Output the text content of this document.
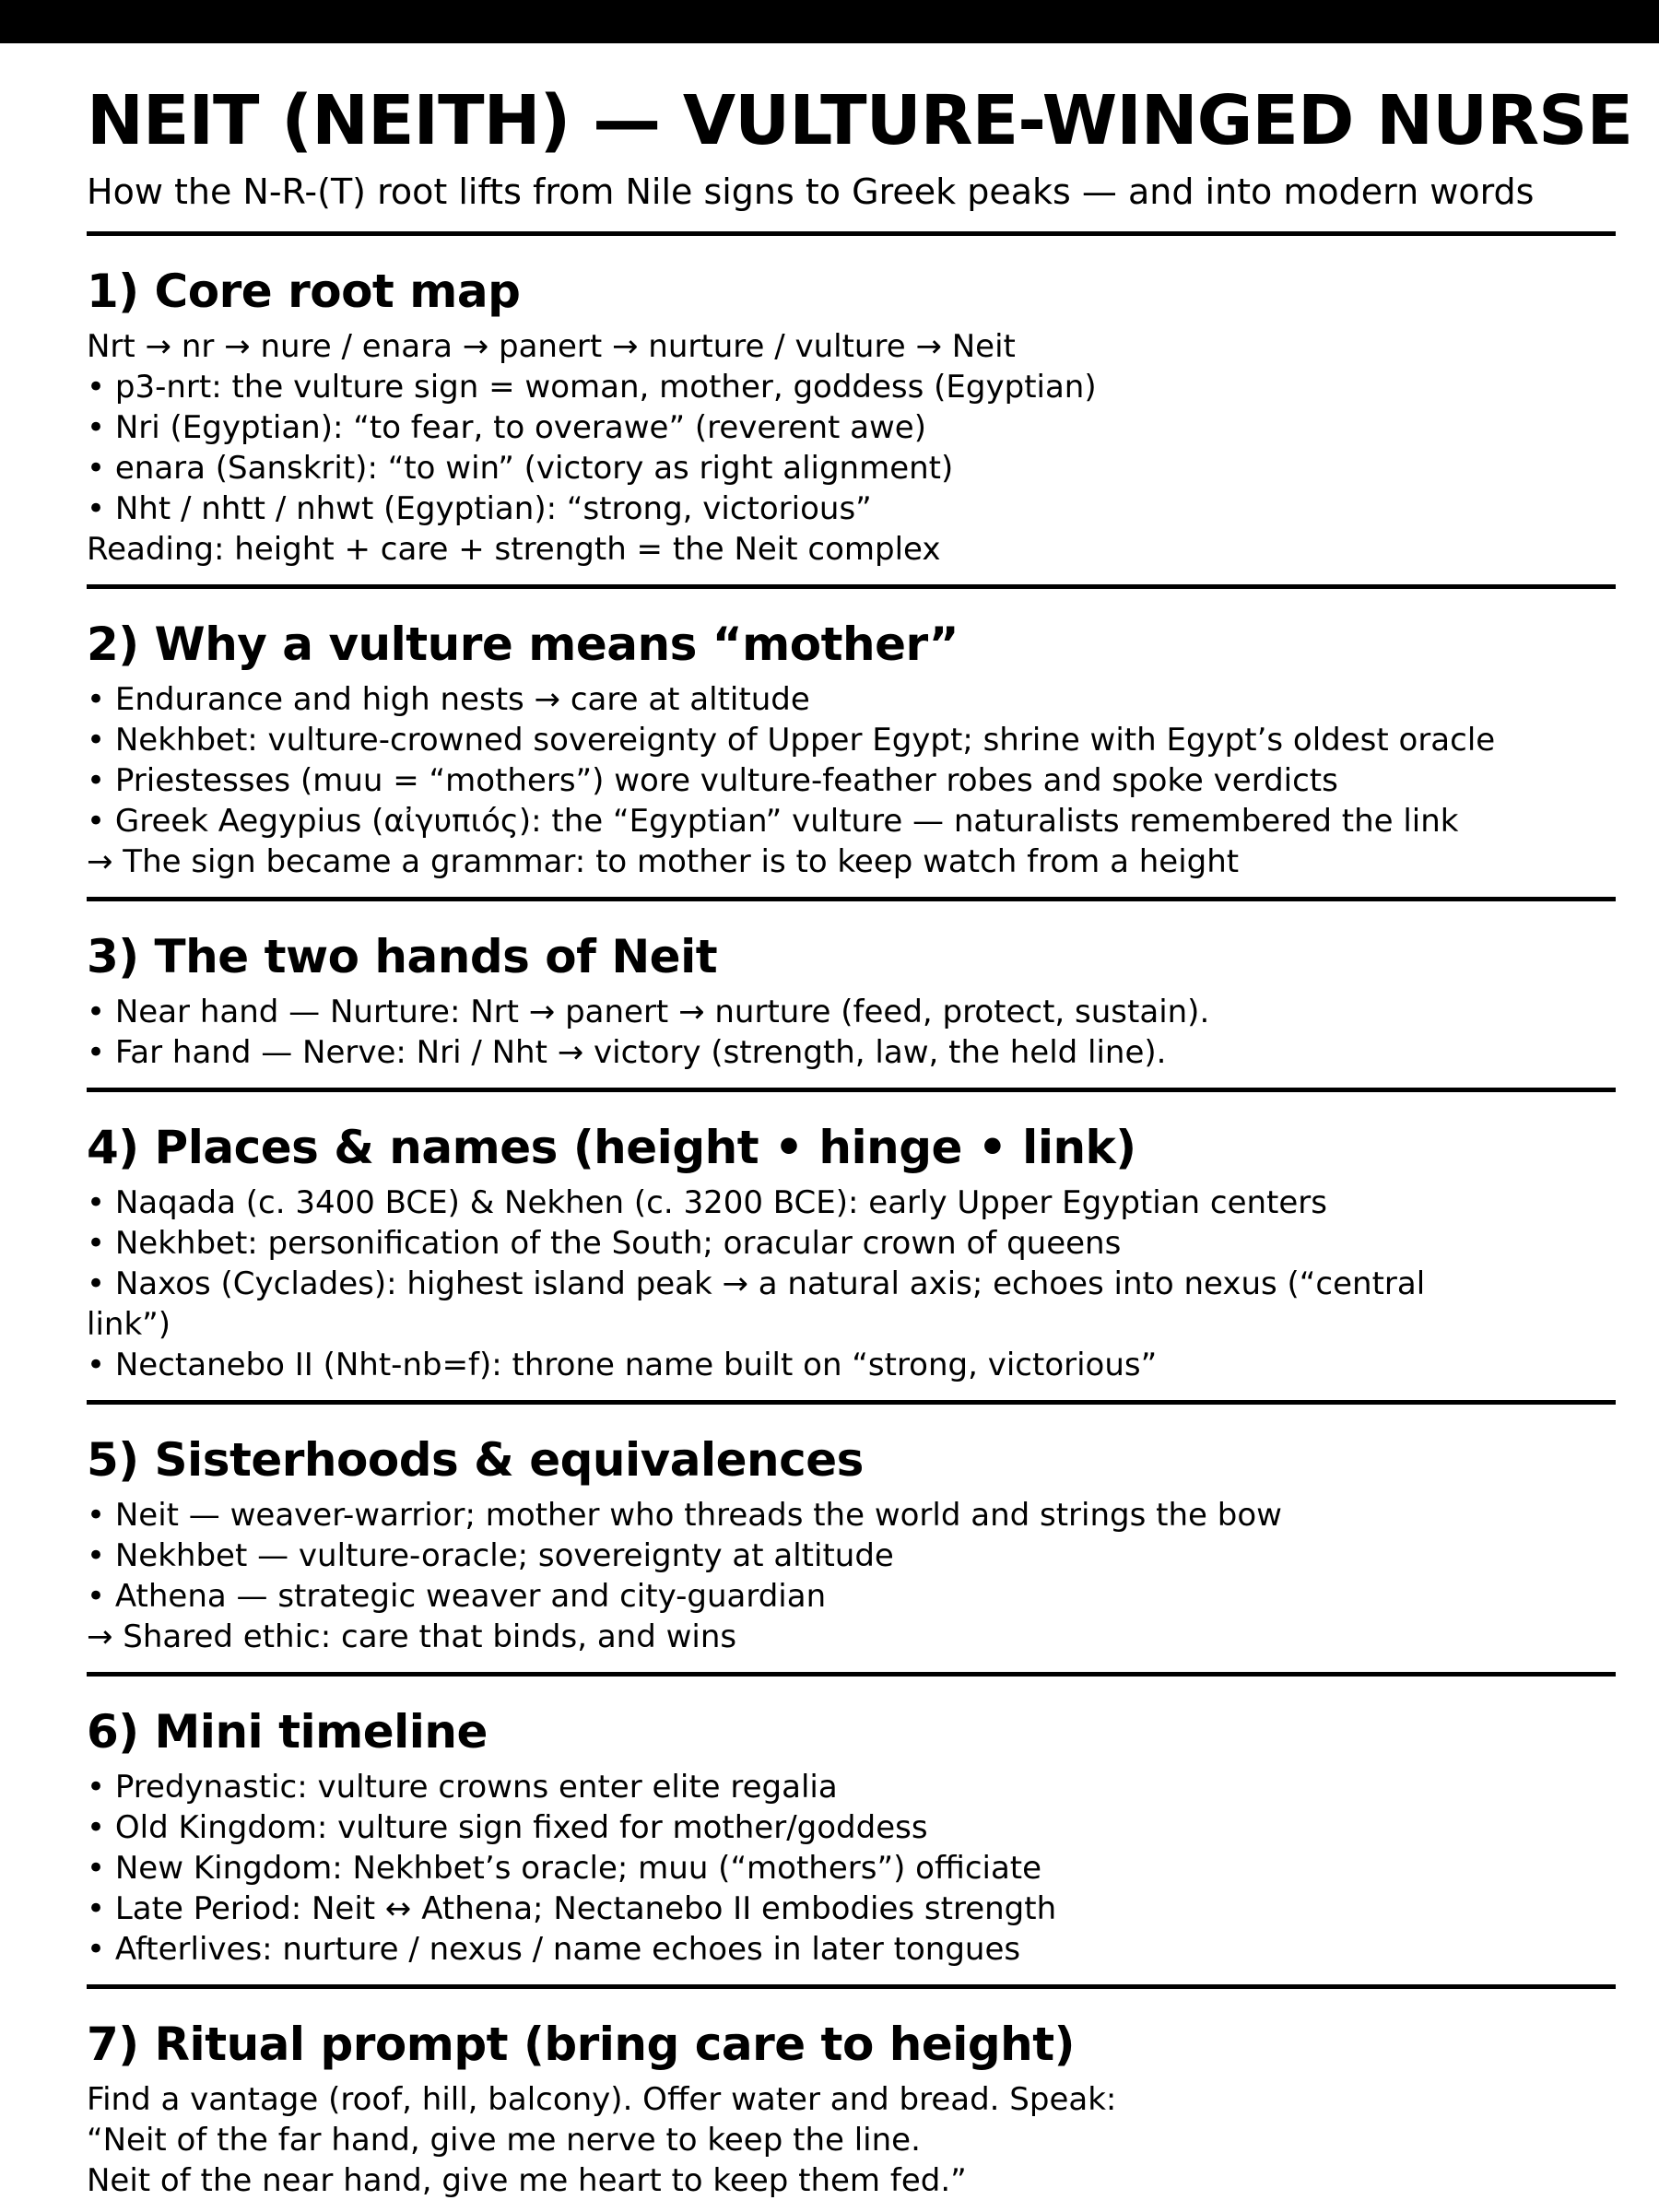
NEIT (NEITH) — VULTURE-WINGED NURSE

How the N-R-(T) root lifts from Nile signs to Greek peaks — and into modern words

1) Core root map
Nrt → nr → nure / enara → panert → nurture / vulture → Neit
• p3-nrt: the vulture sign = woman, mother, goddess (Egyptian)
• Nri (Egyptian): “to fear, to overawe” (reverent awe)
• enara (Sanskrit): “to win” (victory as right alignment)
• Nht / nhtt / nhwt (Egyptian): “strong, victorious”
Reading: height + care + strength = the Neit complex
2) Why a vulture means “mother”
• Endurance and high nests → care at altitude
• Nekhbet: vulture-crowned sovereignty of Upper Egypt; shrine with Egypt’s oldest oracle
• Priestesses (muu = “mothers”) wore vulture-feather robes and spoke verdicts
• Greek Aegypius (αἰγυπιός): the “Egyptian” vulture — naturalists remembered the link
→ The sign became a grammar: to mother is to keep watch from a height
3) The two hands of Neit
• Near hand — Nurture: Nrt → panert → nurture (feed, protect, sustain).
• Far hand — Nerve: Nri / Nht → victory (strength, law, the held line).
4) Places & names (height • hinge • link)
• Naqada (c. 3400 BCE) & Nekhen (c. 3200 BCE): early Upper Egyptian centers
• Nekhbet: personification of the South; oracular crown of queens
• Naxos (Cyclades): highest island peak → a natural axis; echoes into nexus (“central
link”)
• Nectanebo II (Nht-nb=f): throne name built on “strong, victorious”
5) Sisterhoods & equivalences
• Neit — weaver-warrior; mother who threads the world and strings the bow
• Nekhbet — vulture-oracle; sovereignty at altitude
• Athena — strategic weaver and city-guardian
→ Shared ethic: care that binds, and wins
6) Mini timeline
• Predynastic: vulture crowns enter elite regalia
• Old Kingdom: vulture sign fixed for mother/goddess
• New Kingdom: Nekhbet’s oracle; muu (“mothers”) officiate
• Late Period: Neit ↔ Athena; Nectanebo II embodies strength
• Afterlives: nurture / nexus / name echoes in later tongues
7) Ritual prompt (bring care to height)
Find a vantage (roof, hill, balcony). Offer water and bread. Speak:
“Neit of the far hand, give me nerve to keep the line.
Neit of the near hand, give me heart to keep them fed.”
